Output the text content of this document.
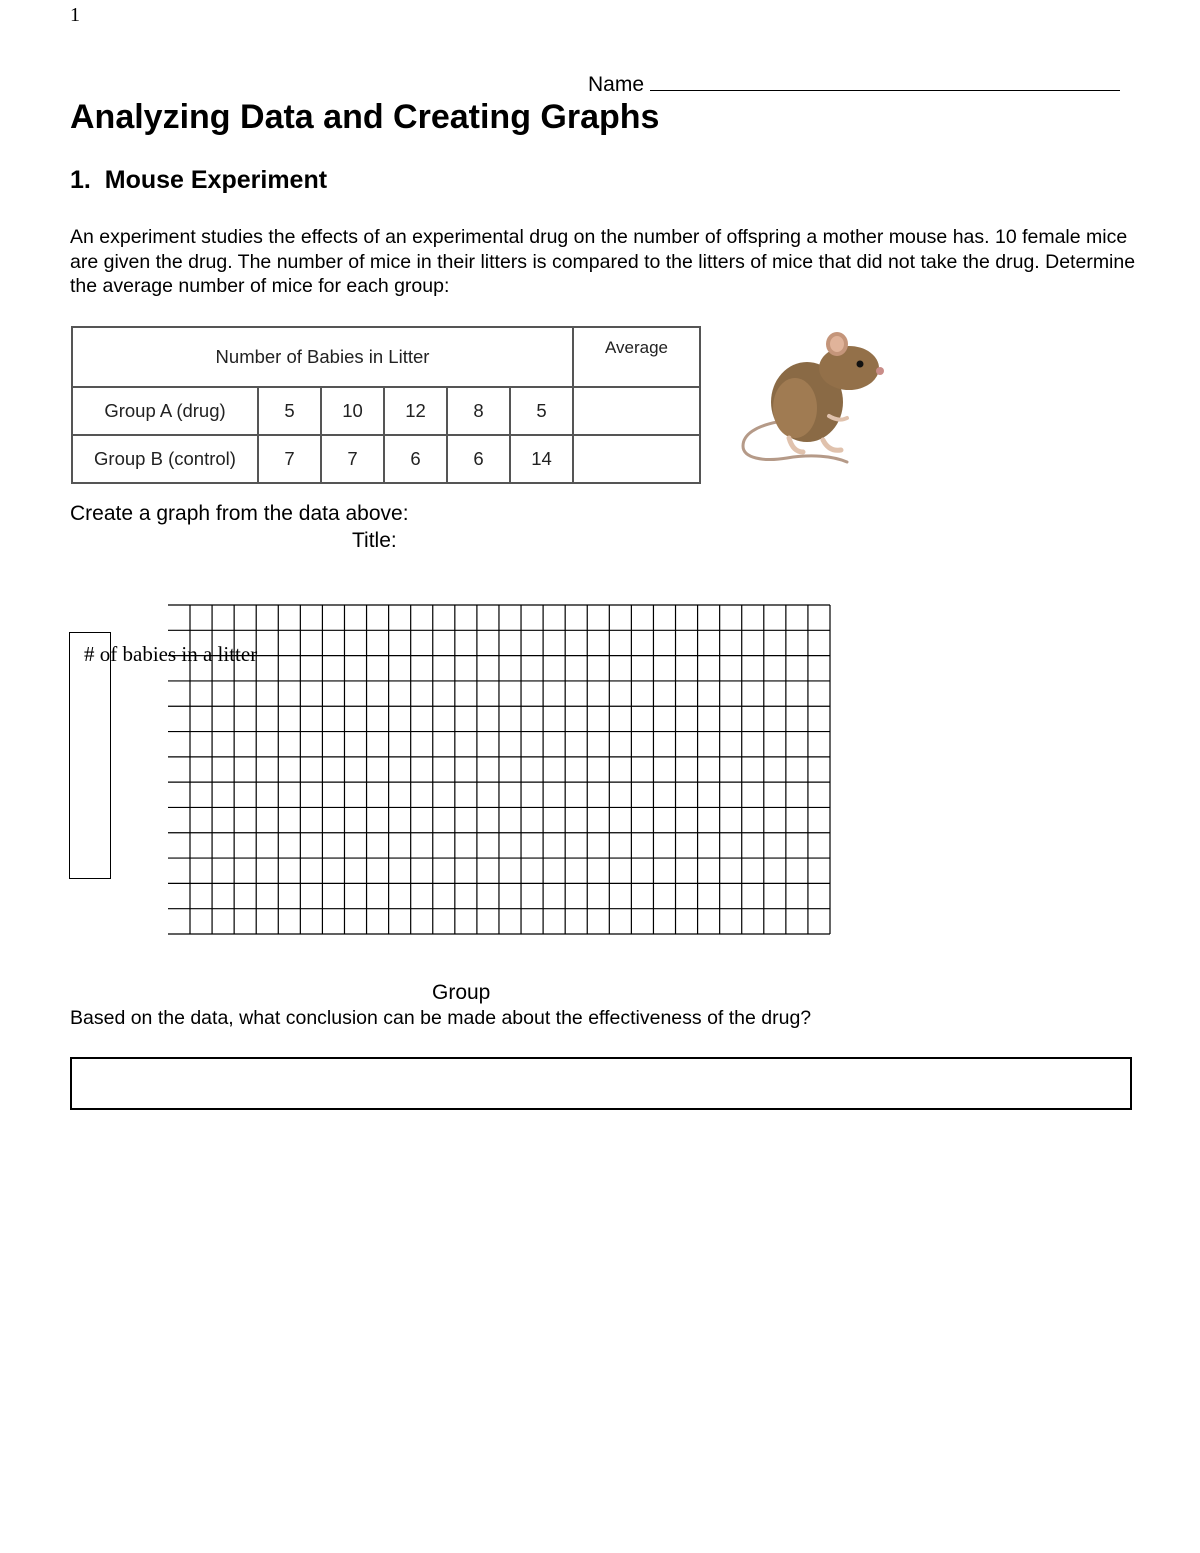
1
Name
Analyzing Data and Creating Graphs
1. Mouse Experiment

An experiment studies the effects of an experimental drug on the number of offspring a mother mouse has. 10 female mice are given the drug. The number of mice in their litters is compared to the litters of mice that did not take the drug. Determine the average number of mice for each group:

Number of Babies in Litter						Average
Group A (drug)	5	10	12	8	5	
Group B (control)	7	7	6	6	14	
Create a graph from the data above:
Title:
# of babies in a litter
Group
Based on the data, what conclusion can be made about the effectiveness of the drug?
